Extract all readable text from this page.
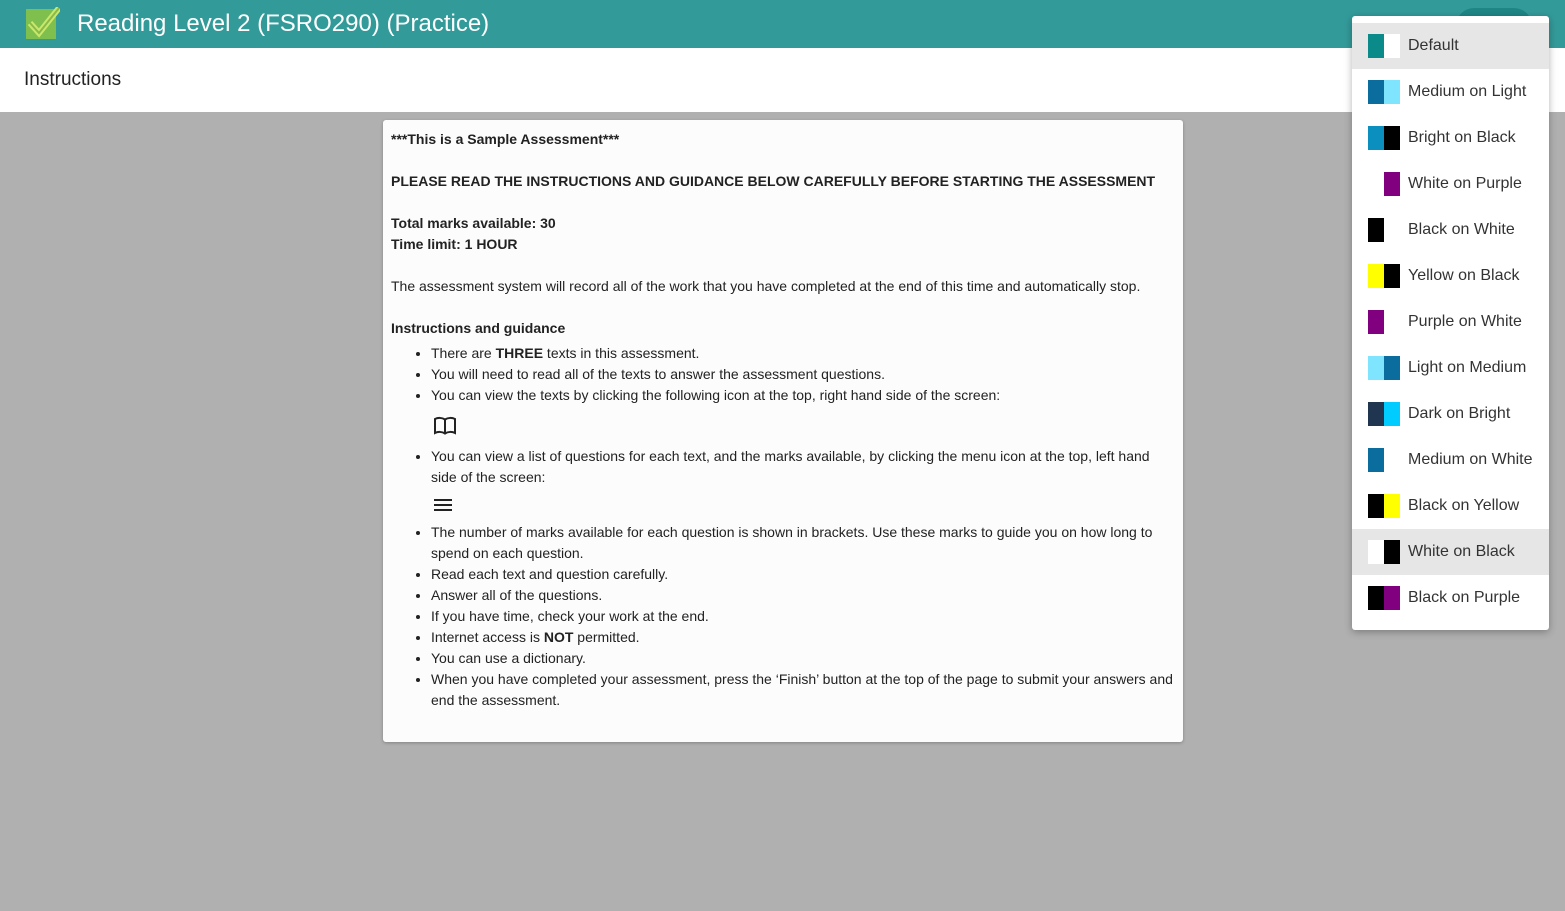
Reading Level 2 (FSRO290) (Practice)
Instructions

***This is a Sample Assessment***

PLEASE READ THE INSTRUCTIONS AND GUIDANCE BELOW CAREFULLY BEFORE STARTING THE ASSESSMENT

Total marks available: 30

Time limit: 1 HOUR

The assessment system will record all of the work that you have completed at the end of this time and automatically stop.

Instructions and guidance

• There are THREE texts in this assessment.
• You will need to read all of the texts to answer the assessment questions.
• You can view the texts by clicking the following icon at the top, right hand side of the screen:
• You can view a list of questions for each text, and the marks available, by clicking the menu icon at the top, left hand side of the screen:
• The number of marks available for each question is shown in brackets. Use these marks to guide you on how long to spend on each question.
• Read each text and question carefully.
• Answer all of the questions.
• If you have time, check your work at the end.
• Internet access is NOT permitted.
• You can use a dictionary.
• When you have completed your assessment, press the ‘Finish’ button at the top of the page to submit your answers and end the assessment.
Default
Medium on Light
Bright on Black
White on Purple
Black on White
Yellow on Black
Purple on White
Light on Medium
Dark on Bright
Medium on White
Black on Yellow
White on Black
Black on Purple
